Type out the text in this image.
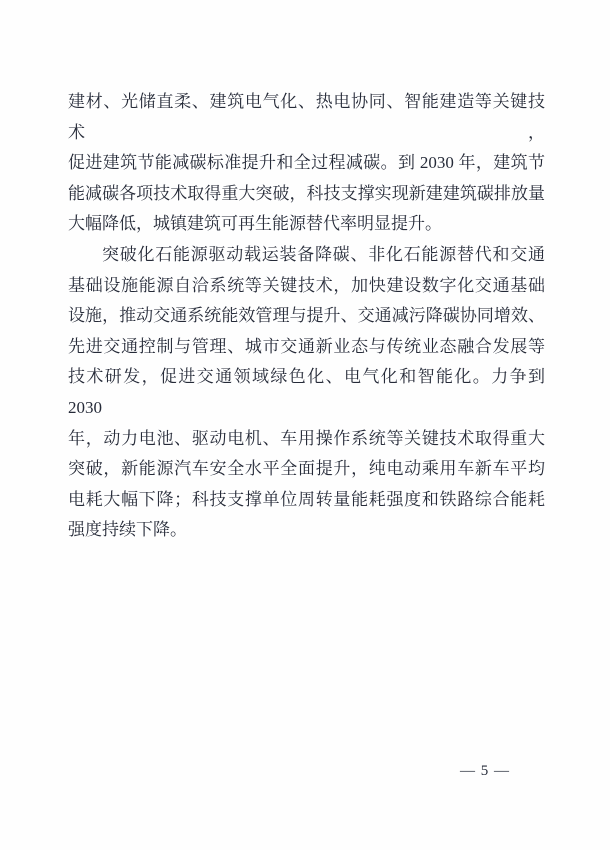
建材、光储直柔、建筑电气化、热电协同、智能建造等关键技术，
促进建筑节能减碳标准提升和全过程减碳。到 2030 年，建筑节
能减碳各项技术取得重大突破，科技支撑实现新建建筑碳排放量
大幅降低，城镇建筑可再生能源替代率明显提升。
突破化石能源驱动载运装备降碳、非化石能源替代和交通
基础设施能源自洽系统等关键技术，加快建设数字化交通基础
设施，推动交通系统能效管理与提升、交通减污降碳协同增效、
先进交通控制与管理、城市交通新业态与传统业态融合发展等
技术研发，促进交通领域绿色化、电气化和智能化。力争到 2030
年，动力电池、驱动电机、车用操作系统等关键技术取得重大
突破，新能源汽车安全水平全面提升，纯电动乘用车新车平均
电耗大幅下降；科技支撑单位周转量能耗强度和铁路综合能耗
强度持续下降。
— 5 —
